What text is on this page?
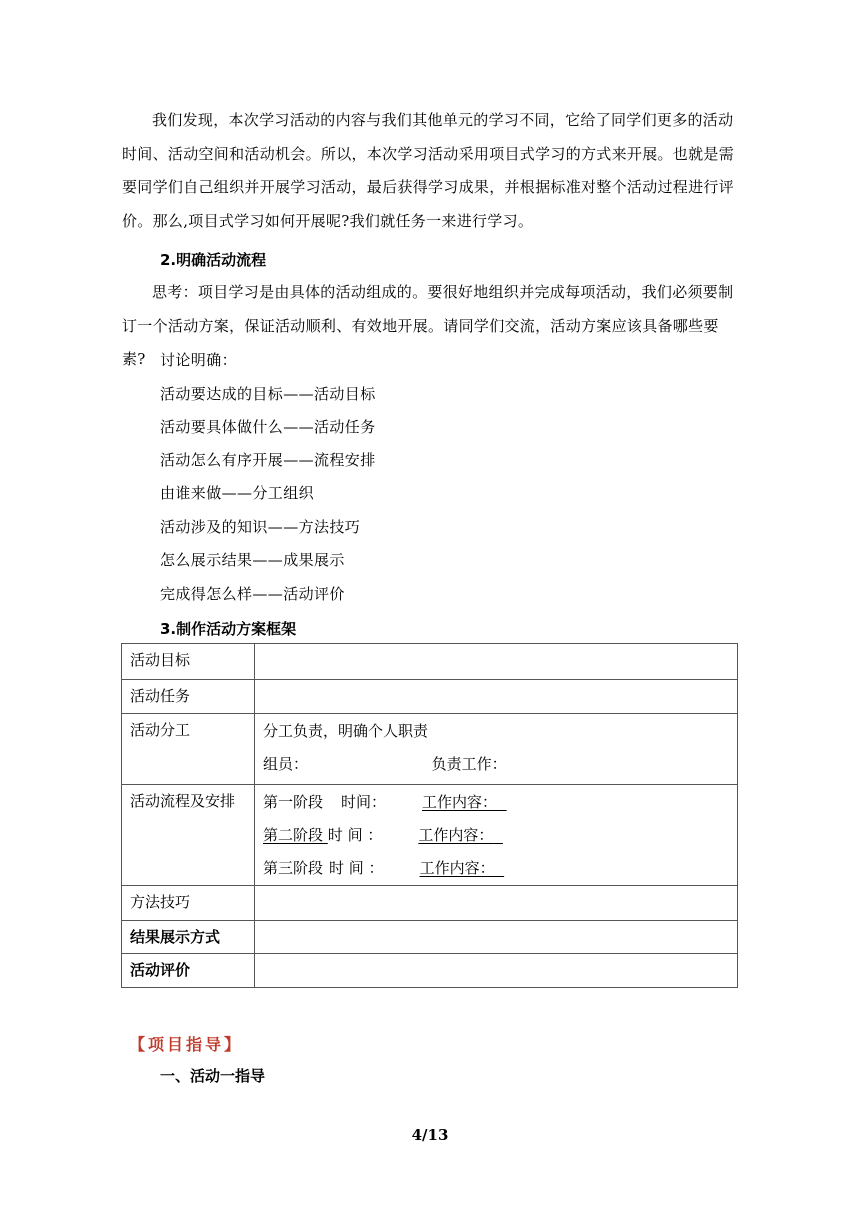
我们发现，本次学习活动的内容与我们其他单元的学习不同，它给了同学们更多的活动时间、活动空间和活动机会。所以，本次学习活动采用项目式学习的方式来开展。也就是需要同学们自己组织并开展学习活动，最后获得学习成果，并根据标准对整个活动过程进行评价。那么,项目式学习如何开展呢?我们就任务一来进行学习。

2.明确活动流程

思考：项目学习是由具体的活动组成的。要很好地组织并完成每项活动，我们必须要制订一个活动方案，保证活动顺利、有效地开展。请同学们交流，活动方案应该具备哪些要素? 讨论明确：
活动要达成的目标——活动目标
活动要具体做什么——活动任务
活动怎么有序开展——流程安排
由谁来做——分工组织
活动涉及的知识——方法技巧
怎么展示结果——成果展示
完成得怎么样——活动评价
3.制作活动方案框架
活动目标	
活动任务	
活动分工	分工负责，明确个人职责
组员： 负责工作：

活动流程及安排	第一阶段 时间： 工作内容：
第二阶段 时 间 ： 工作内容：
第三阶段 时 间 ： 工作内容：

方法技巧	
结果展示方式	
活动评价	
【项目指导】
一、活动一指导
4/13
